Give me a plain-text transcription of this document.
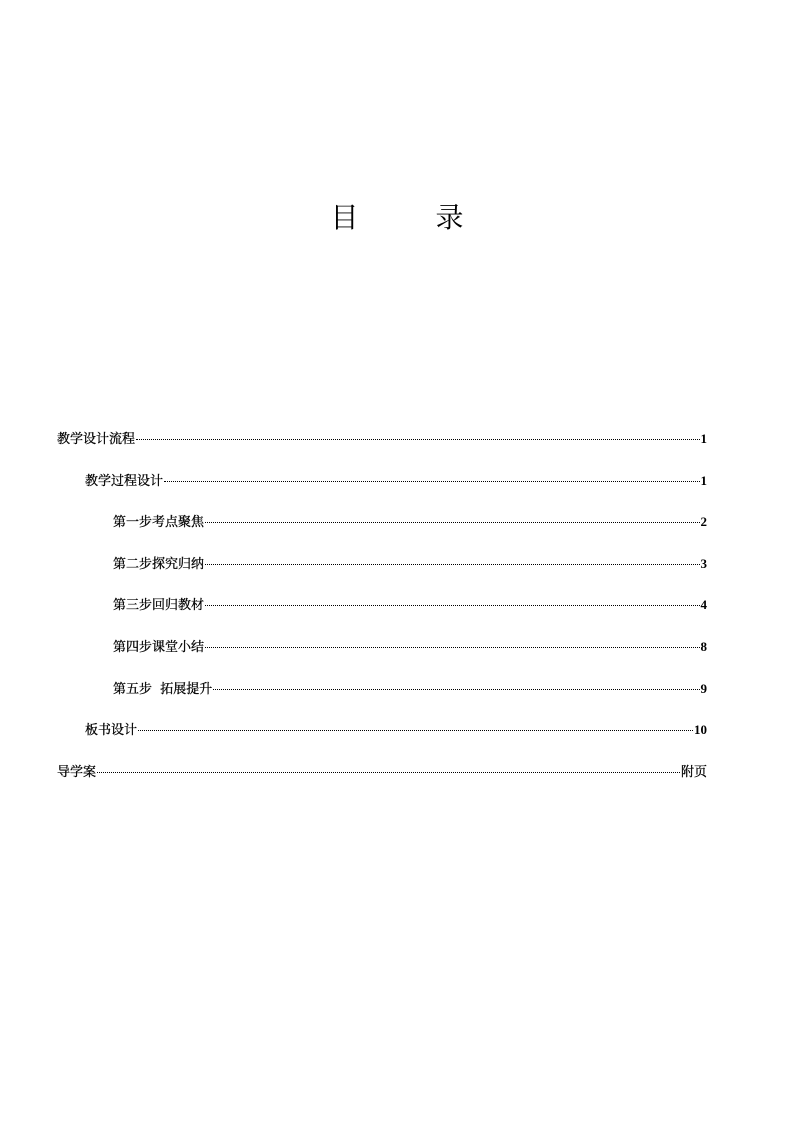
目 录
教学设计流程	1
教学过程设计	1
第一步考点聚焦	2
第二步探究归纳	3
第三步回归教材	4
第四步课堂小结	8
第五步  拓展提升	9
板书设计	10
导学案	附页
